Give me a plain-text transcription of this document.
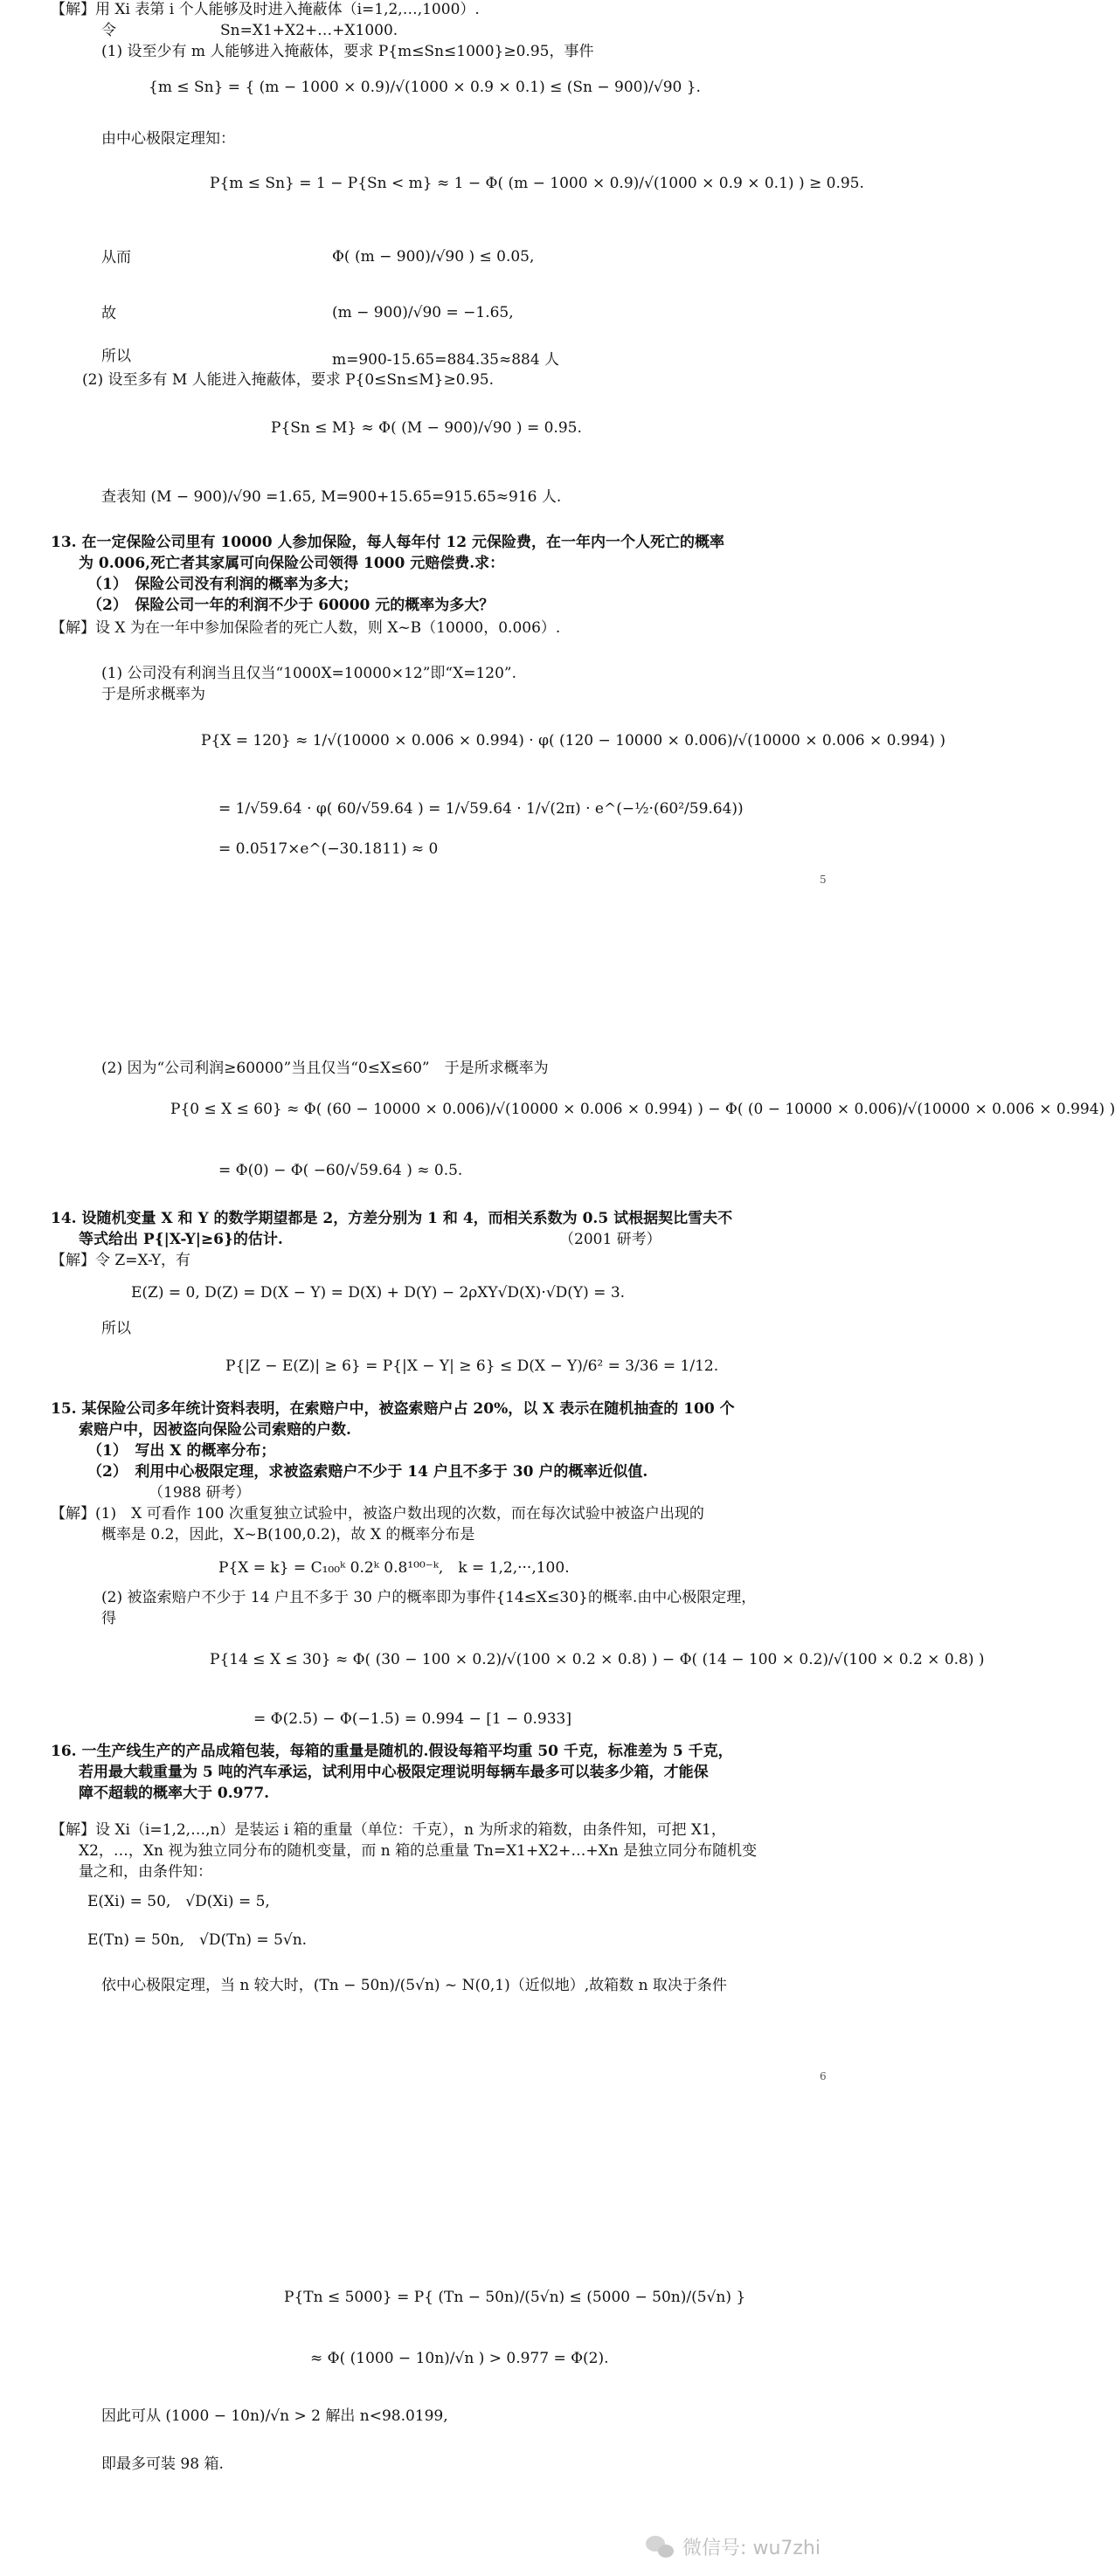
【解】用 Xi 表第 i 个人能够及时进入掩蔽体（i=1,2,…,1000）.
令　　　　　　　Sn=X1+X2+…+X1000.
(1) 设至少有 m 人能够进入掩蔽体，要求 P{m≤Sn≤1000}≥0.95，事件
{m ≤ Sn} = { (m − 1000 × 0.9)/√(1000 × 0.9 × 0.1) ≤ (Sn − 900)/√90 }.
由中心极限定理知：
P{m ≤ Sn} = 1 − P{Sn < m} ≈ 1 − Φ( (m − 1000 × 0.9)/√(1000 × 0.9 × 0.1) ) ≥ 0.95.
从而	Φ( (m − 900)/√90 ) ≤ 0.05,
故	(m − 900)/√90 = −1.65,
所以	m=900-15.65=884.35≈884 人
(2) 设至多有 M 人能进入掩蔽体，要求 P{0≤Sn≤M}≥0.95.
P{Sn ≤ M} ≈ Φ( (M − 900)/√90 ) = 0.95.
查表知 (M − 900)/√90 =1.65, M=900+15.65=915.65≈916 人.
13. 在一定保险公司里有 10000 人参加保险，每人每年付 12 元保险费，在一年内一个人死亡的概率
为 0.006,死亡者其家属可向保险公司领得 1000 元赔偿费.求：
（1）　保险公司没有利润的概率为多大；
（2）　保险公司一年的利润不少于 60000 元的概率为多大？
【解】设 X 为在一年中参加保险者的死亡人数，则 X~B（10000，0.006）.
(1) 公司没有利润当且仅当“1000X=10000×12”即“X=120”.
于是所求概率为
P{X = 120} ≈ 1/√(10000 × 0.006 × 0.994) · φ( (120 − 10000 × 0.006)/√(10000 × 0.006 × 0.994) )
= 1/√59.64 · φ( 60/√59.64 ) = 1/√59.64 · 1/√(2π) · e^(−½·(60²/59.64))
= 0.0517×e^(−30.1811) ≈ 0
5
(2) 因为“公司利润≥60000”当且仅当“0≤X≤60”　于是所求概率为
P{0 ≤ X ≤ 60} ≈ Φ( (60 − 10000 × 0.006)/√(10000 × 0.006 × 0.994) ) − Φ( (0 − 10000 × 0.006)/√(10000 × 0.006 × 0.994) )
= Φ(0) − Φ( −60/√59.64 ) ≈ 0.5.
14. 设随机变量 X 和 Y 的数学期望都是 2，方差分别为 1 和 4，而相关系数为 0.5 试根据契比雪夫不
等式给出 P{|X-Y|≥6}的估计.	（2001 研考）
【解】令 Z=X-Y，有
E(Z) = 0, D(Z) = D(X − Y) = D(X) + D(Y) − 2ρXY√D(X)·√D(Y) = 3.
所以
P{|Z − E(Z)| ≥ 6} = P{|X − Y| ≥ 6} ≤ D(X − Y)/6² = 3/36 = 1/12.
15. 某保险公司多年统计资料表明，在索赔户中，被盗索赔户占 20%，以 X 表示在随机抽查的 100 个
索赔户中，因被盗向保险公司索赔的户数.
（1）　写出 X 的概率分布；
（2）　利用中心极限定理，求被盗索赔户不少于 14 户且不多于 30 户的概率近似值.
（1988 研考）
【解】(1)　X 可看作 100 次重复独立试验中，被盗户数出现的次数，而在每次试验中被盗户出现的
概率是 0.2，因此，X~B(100,0.2)，故 X 的概率分布是
P{X = k} = C₁₀₀ᵏ 0.2ᵏ 0.8¹⁰⁰⁻ᵏ,　k = 1,2,···,100.
(2) 被盗索赔户不少于 14 户且不多于 30 户的概率即为事件{14≤X≤30}的概率.由中心极限定理，
得
P{14 ≤ X ≤ 30} ≈ Φ( (30 − 100 × 0.2)/√(100 × 0.2 × 0.8) ) − Φ( (14 − 100 × 0.2)/√(100 × 0.2 × 0.8) )
= Φ(2.5) − Φ(−1.5) = 0.994 − [1 − 0.933]
16. 一生产线生产的产品成箱包装，每箱的重量是随机的.假设每箱平均重 50 千克，标准差为 5 千克，
若用最大载重量为 5 吨的汽车承运，试利用中心极限定理说明每辆车最多可以装多少箱，才能保
障不超载的概率大于 0.977.
【解】设 Xi（i=1,2,…,n）是装运 i 箱的重量（单位：千克），n 为所求的箱数，由条件知，可把 X1，
X2，…，Xn 视为独立同分布的随机变量，而 n 箱的总重量 Tn=X1+X2+…+Xn 是独立同分布随机变
量之和，由条件知：
E(Xi) = 50,　√D(Xi) = 5,
E(Tn) = 50n,　√D(Tn) = 5√n.
依中心极限定理，当 n 较大时，(Tn − 50n)/(5√n) ~ N(0,1)（近似地）,故箱数 n 取决于条件
6
P{Tn ≤ 5000} = P{ (Tn − 50n)/(5√n) ≤ (5000 − 50n)/(5√n) }
≈ Φ( (1000 − 10n)/√n ) > 0.977 = Φ(2).
因此可从 (1000 − 10n)/√n > 2 解出 n<98.0199,
即最多可装 98 箱.
微信号: wu7zhi
